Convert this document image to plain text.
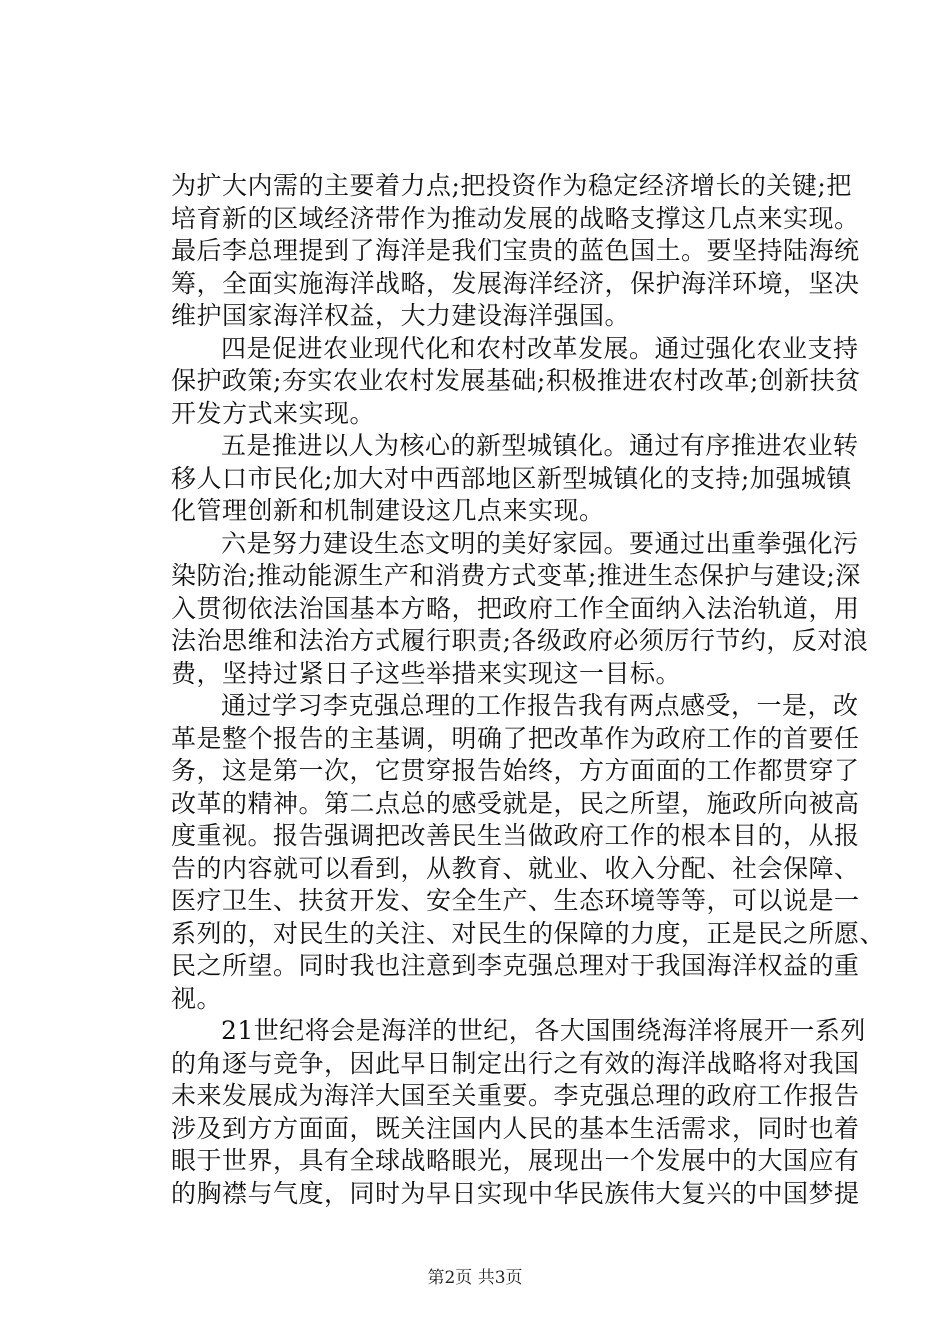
为扩大内需的主要着力点;把投资作为稳定经济增长的关键;把
培育新的区域经济带作为推动发展的战略支撑这几点来实现。
最后李总理提到了海洋是我们宝贵的蓝色国土。要坚持陆海统
筹，全面实施海洋战略，发展海洋经济，保护海洋环境，坚决
维护国家海洋权益，大力建设海洋强国。
四是促进农业现代化和农村改革发展。通过强化农业支持
保护政策;夯实农业农村发展基础;积极推进农村改革;创新扶贫
开发方式来实现。
五是推进以人为核心的新型城镇化。通过有序推进农业转
移人口市民化;加大对中西部地区新型城镇化的支持;加强城镇
化管理创新和机制建设这几点来实现。
六是努力建设生态文明的美好家园。要通过出重拳强化污
染防治;推动能源生产和消费方式变革;推进生态保护与建设;深
入贯彻依法治国基本方略，把政府工作全面纳入法治轨道，用
法治思维和法治方式履行职责;各级政府必须厉行节约，反对浪
费，坚持过紧日子这些举措来实现这一目标。
通过学习李克强总理的工作报告我有两点感受，一是，改
革是整个报告的主基调，明确了把改革作为政府工作的首要任
务，这是第一次，它贯穿报告始终，方方面面的工作都贯穿了
改革的精神。第二点总的感受就是，民之所望，施政所向被高
度重视。报告强调把改善民生当做政府工作的根本目的，从报
告的内容就可以看到，从教育、就业、收入分配、社会保障、
医疗卫生、扶贫开发、安全生产、生态环境等等，可以说是一
系列的，对民生的关注、对民生的保障的力度，正是民之所愿、
民之所望。同时我也注意到李克强总理对于我国海洋权益的重
视。
21世纪将会是海洋的世纪，各大国围绕海洋将展开一系列
的角逐与竞争，因此早日制定出行之有效的海洋战略将对我国
未来发展成为海洋大国至关重要。李克强总理的政府工作报告
涉及到方方面面，既关注国内人民的基本生活需求，同时也着
眼于世界，具有全球战略眼光，展现出一个发展中的大国应有
的胸襟与气度，同时为早日实现中华民族伟大复兴的中国梦提
第2页 共3页
